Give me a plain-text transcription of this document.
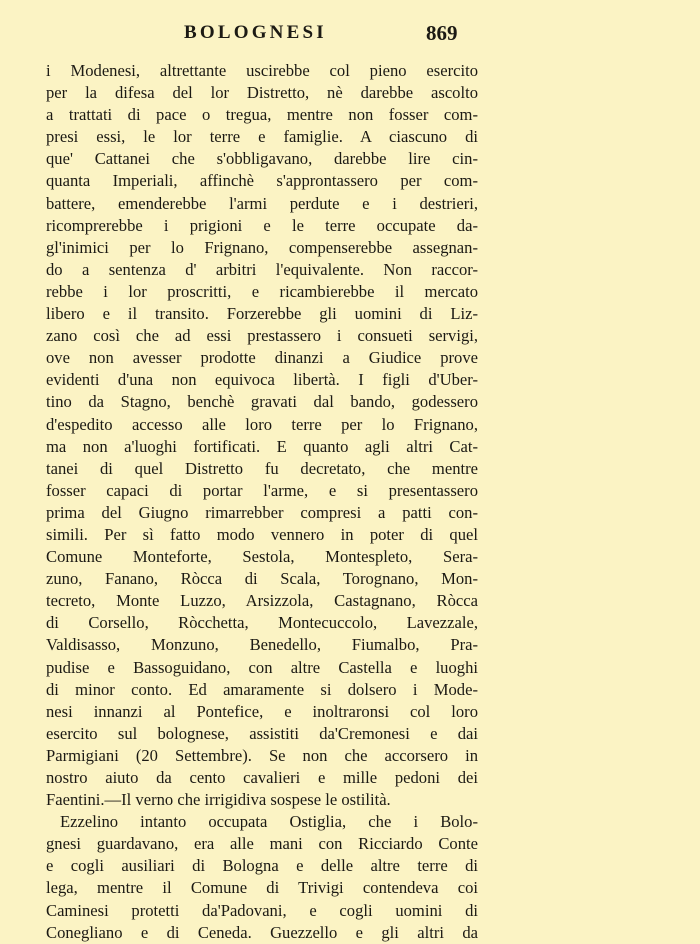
BOLOGNESI	869
i Modenesi, altrettante uscirebbe col pieno esercito
per la difesa del lor Distretto, nè darebbe ascolto
a trattati di pace o tregua, mentre non fosser com-
presi essi, le lor terre e famiglie. A ciascuno di
que' Cattanei che s'obbligavano, darebbe lire cin-
quanta Imperiali, affinchè s'approntassero per com-
battere, emenderebbe l'armi perdute e i destrieri,
ricomprerebbe i prigioni e le terre occupate da-
gl'inimici per lo Frignano, compenserebbe assegnan-
do a sentenza d' arbitri l'equivalente. Non raccor-
rebbe i lor proscritti, e ricambierebbe il mercato
libero e il transito. Forzerebbe gli uomini di Liz-
zano così che ad essi prestassero i consueti servigi,
ove non avesser prodotte dinanzi a Giudice prove
evidenti d'una non equivoca libertà. I figli d'Uber-
tino da Stagno, benchè gravati dal bando, godessero
d'espedito accesso alle loro terre per lo Frignano,
ma non a'luoghi fortificati. E quanto agli altri Cat-
tanei di quel Distretto fu decretato, che mentre
fosser capaci di portar l'arme, e si presentassero
prima del Giugno rimarrebber compresi a patti con-
simili. Per sì fatto modo vennero in poter di quel
Comune Monteforte, Sestola, Montespleto, Sera-
zuno, Fanano, Ròcca di Scala, Torognano, Mon-
tecreto, Monte Luzzo, Arsizzola, Castagnano, Ròcca
di Corsello, Ròcchetta, Montecuccolo, Lavezzale,
Valdisasso, Monzuno, Benedello, Fiumalbo, Pra-
pudise e Bassoguidano, con altre Castella e luoghi
di minor conto. Ed amaramente si dolsero i Mode-
nesi innanzi al Pontefice, e inoltraronsi col loro
esercito sul bolognese, assistiti da'Cremonesi e dai
Parmigiani (20 Settembre). Se non che accorsero in
nostro aiuto da cento cavalieri e mille pedoni dei
Faentini.—Il verno che irrigidiva sospese le ostilità.
Ezzelino intanto occupata Ostiglia, che i Bolo-
gnesi guardavano, era alle mani con Ricciardo Conte
e cogli ausiliari di Bologna e delle altre terre di
lega, mentre il Comune di Trivigi contendeva coi
Caminesi protetti da'Padovani, e cogli uomini di
Conegliano e di Ceneda. Guezzello e gli altri da
